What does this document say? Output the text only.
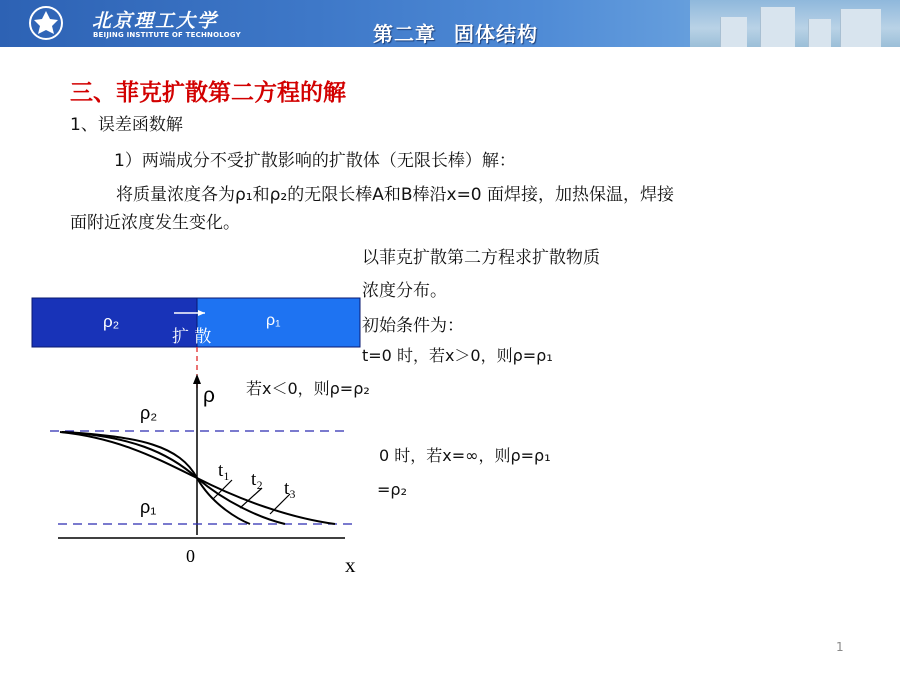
北京理工大学
BEIJING INSTITUTE OF TECHNOLOGY	第二章 固体结构
三、菲克扩散第二方程的解
1、误差函数解
1）两端成分不受扩散影响的扩散体（无限长棒）解：
将质量浓度各为ρ₁和ρ₂的无限长棒A和B棒沿x=0 面焊接，加热保温，焊接
面附近浓度发生变化。
以菲克扩散第二方程求扩散物质
浓度分布。
初始条件为：
t=0 时，若x＞0，则ρ=ρ₁
若x＜0，则ρ=ρ₂
0 时，若x=∞，则ρ=ρ₁
=ρ₂
ρ₂	ρ₁
扩 散
ρ
x
0
ρ₂
ρ₁
t₁ t₂ t₃
1
